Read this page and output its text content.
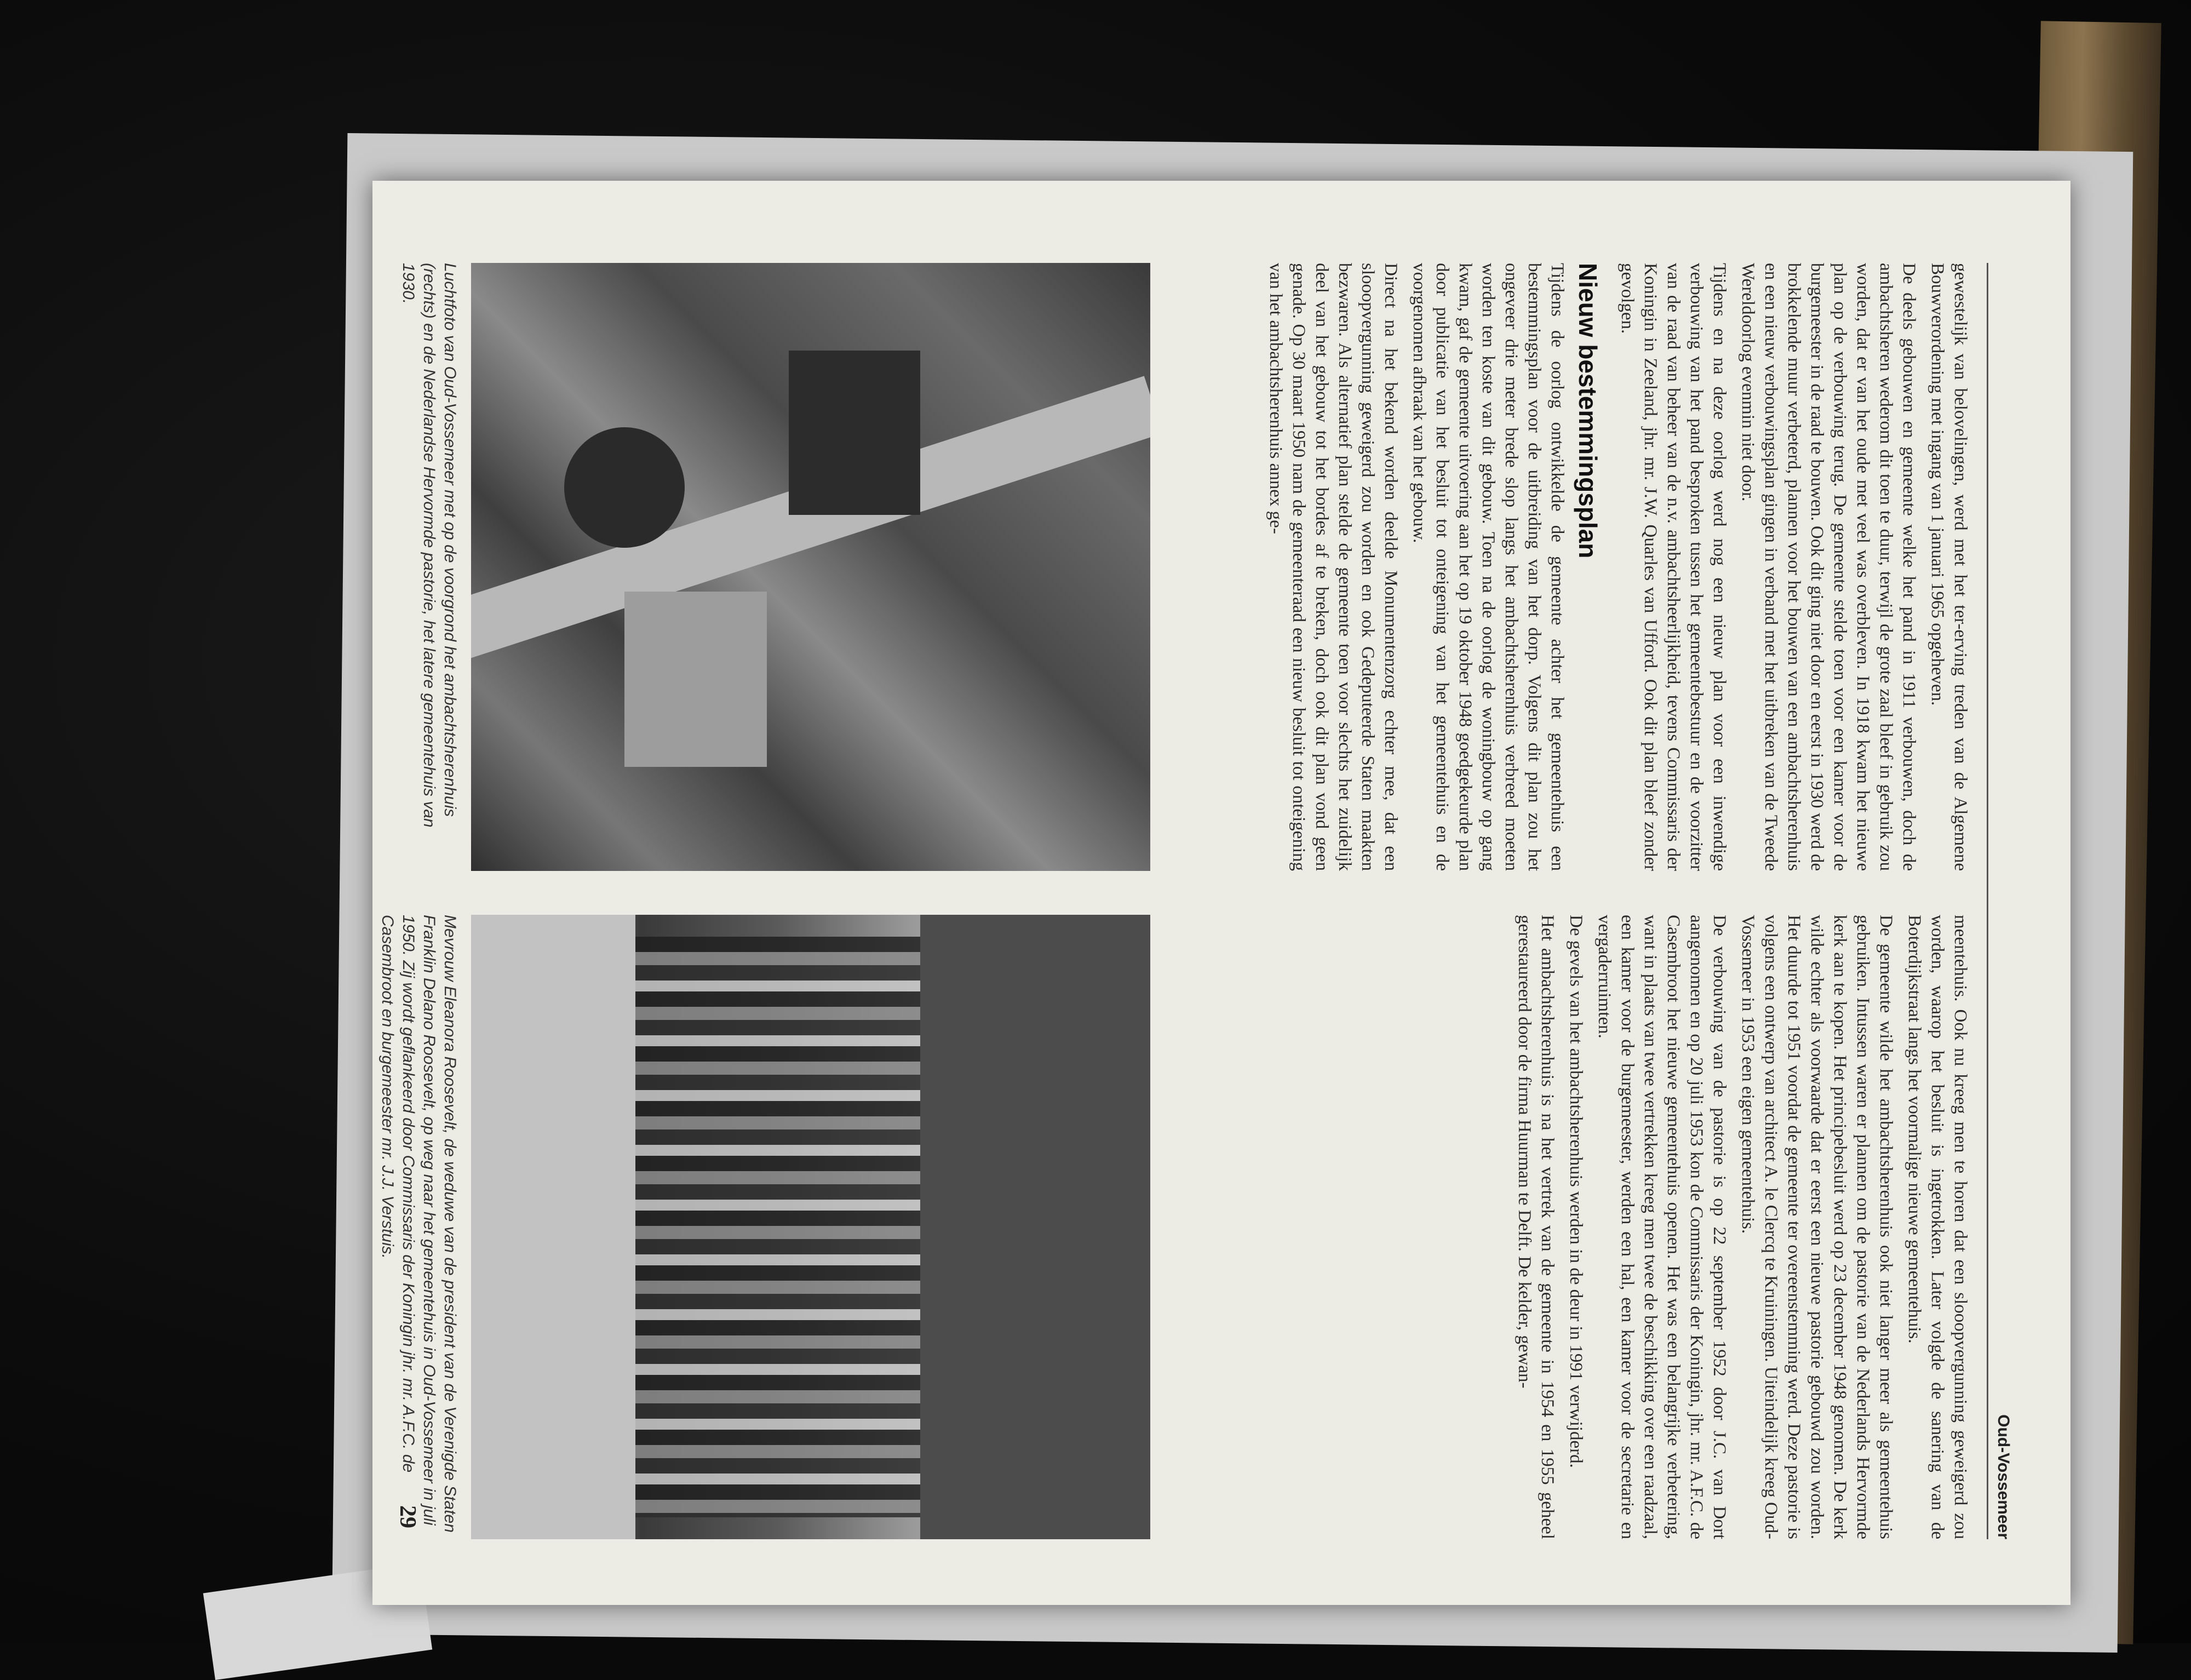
Oud-Vossemeer

gewestelijk van belovelingen, werd met het ter-erving treden van de Algemene Bouwverordening met ingang van 1 januari 1965 opgeheven.

De deels gebouwen en gemeente welke het pand in 1911 verbouwen, doch de ambachtsheren wederom dit toen te duur, terwijl de grote zaal bleef in gebruik zou worden, dat er van het oude met veel was overbleven. In 1918 kwam het nieuwe plan op de verbouwing terug. De gemeente stelde toen voor een kamer voor de burgemeester in de raad te bouwen. Ook dit ging niet door en eerst in 1930 werd de brokkelende muur verbeterd, plannen voor het bouwen van een ambachtsherenhuis en een nieuw verbouwingsplan gingen in verband met het uitbreken van de Tweede Wereldoorlog evenmin niet door.

Tijdens en na deze oorlog werd nog een nieuw plan voor een inwendige verbouwing van het pand besproken tussen het gemeentebestuur en de voorzitter van de raad van beheer van de n.v. ambachtsheerlijkheid, tevens Commissaris der Koningin in Zeeland, jhr. mr. J.W. Quarles van Ufford. Ook dit plan bleef zonder gevolgen.

Nieuw bestemmingsplan

Tijdens de oorlog ontwikkelde de gemeente achter het gemeentehuis een bestemmingsplan voor de uitbreiding van het dorp. Volgens dit plan zou het ongeveer drie meter brede slop langs het ambachtsherenhuis verbreed moeten worden ten koste van dit gebouw. Toen na de oorlog de woningbouw op gang kwam, gaf de gemeente uitvoering aan het op 19 oktober 1948 goedgekeurde plan door publicatie van het besluit tot onteigening van het gemeentehuis en de voorgenomen afbraak van het gebouw.

Direct na het bekend worden deelde Monumentenzorg echter mee, dat een slooopvergunning geweigerd zou worden en ook Gedeputeerde Staten maakten bezwaren. Als alternatief plan stelde de gemeente toen voor slechts het zuidelijk deel van het gebouw tot het bordes af te breken, doch ook dit plan vond geen genade. Op 30 maart 1950 nam de gemeenteraad een nieuw besluit tot onteigening van het ambachtsherenhuis annex ge-

meentehuis. Ook nu kreeg men te horen dat een slooopvergunning geweigerd zou worden, waarop het besluit is ingetrokken. Later volgde de sanering van de Boterdijkstraat langs het voormalige nieuwe gemeentehuis.

De gemeente wilde het ambachtsherenhuis ook niet langer meer als gemeentehuis gebruiken. Intussen waren er plannen om de pastorie van de Nederlands Hervormde kerk aan te kopen. Het principebesluit werd op 23 december 1948 genomen. De kerk wilde echter als voorwaarde dat er eerst een nieuwe pastorie gebouwd zou worden. Het duurde tot 1951 voordat de gemeente ter overeenstemming werd. Deze pastorie is volgens een ontwerp van architect A. le Clercq te Kruiningen. Uiteindelijk kreeg Oud-Vossemeer in 1953 een eigen gemeentehuis.

De verbouwing van de pastorie is op 22 september 1952 door J.C. van Dort aangenomen en op 20 juli 1953 kon de Commissaris der Koningin, jhr. mr. A.F.C. de Casembroot het nieuwe gemeentehuis openen. Het was een belangrijke verbetering, want in plaats van twee vertrekken kreeg men twee de beschikking over een raadzaal, een kamer voor de burgemeester, werden een hal, een kamer voor de secretarie en vergaderruimten.

De gevels van het ambachtsherenhuis werden in de deur in 1991 verwijderd.

Het ambachtsherenhuis is na het vertrek van de gemeente in 1954 en 1955 geheel gerestaureerd door de firma Huurman te Delft. De kelder, gewan-

Luchtfoto van Oud-Vossemeer met op de voorgrond het ambachtsherenhuis (rechts) en de Nederlandse Hervormde pastorie, het latere gemeentehuis van 1930.
Mevrouw Eleanora Roosevelt, de weduwe van de president van de Verenigde Staten Franklin Delano Roosevelt, op weg naar het gemeentehuis in Oud-Vossemeer in juli 1950. Zij wordt geflankeerd door Commissaris der Koningin jhr. mr. A.F.C. de Casembroot en burgemeester mr. J.J. Verstuis.
29
